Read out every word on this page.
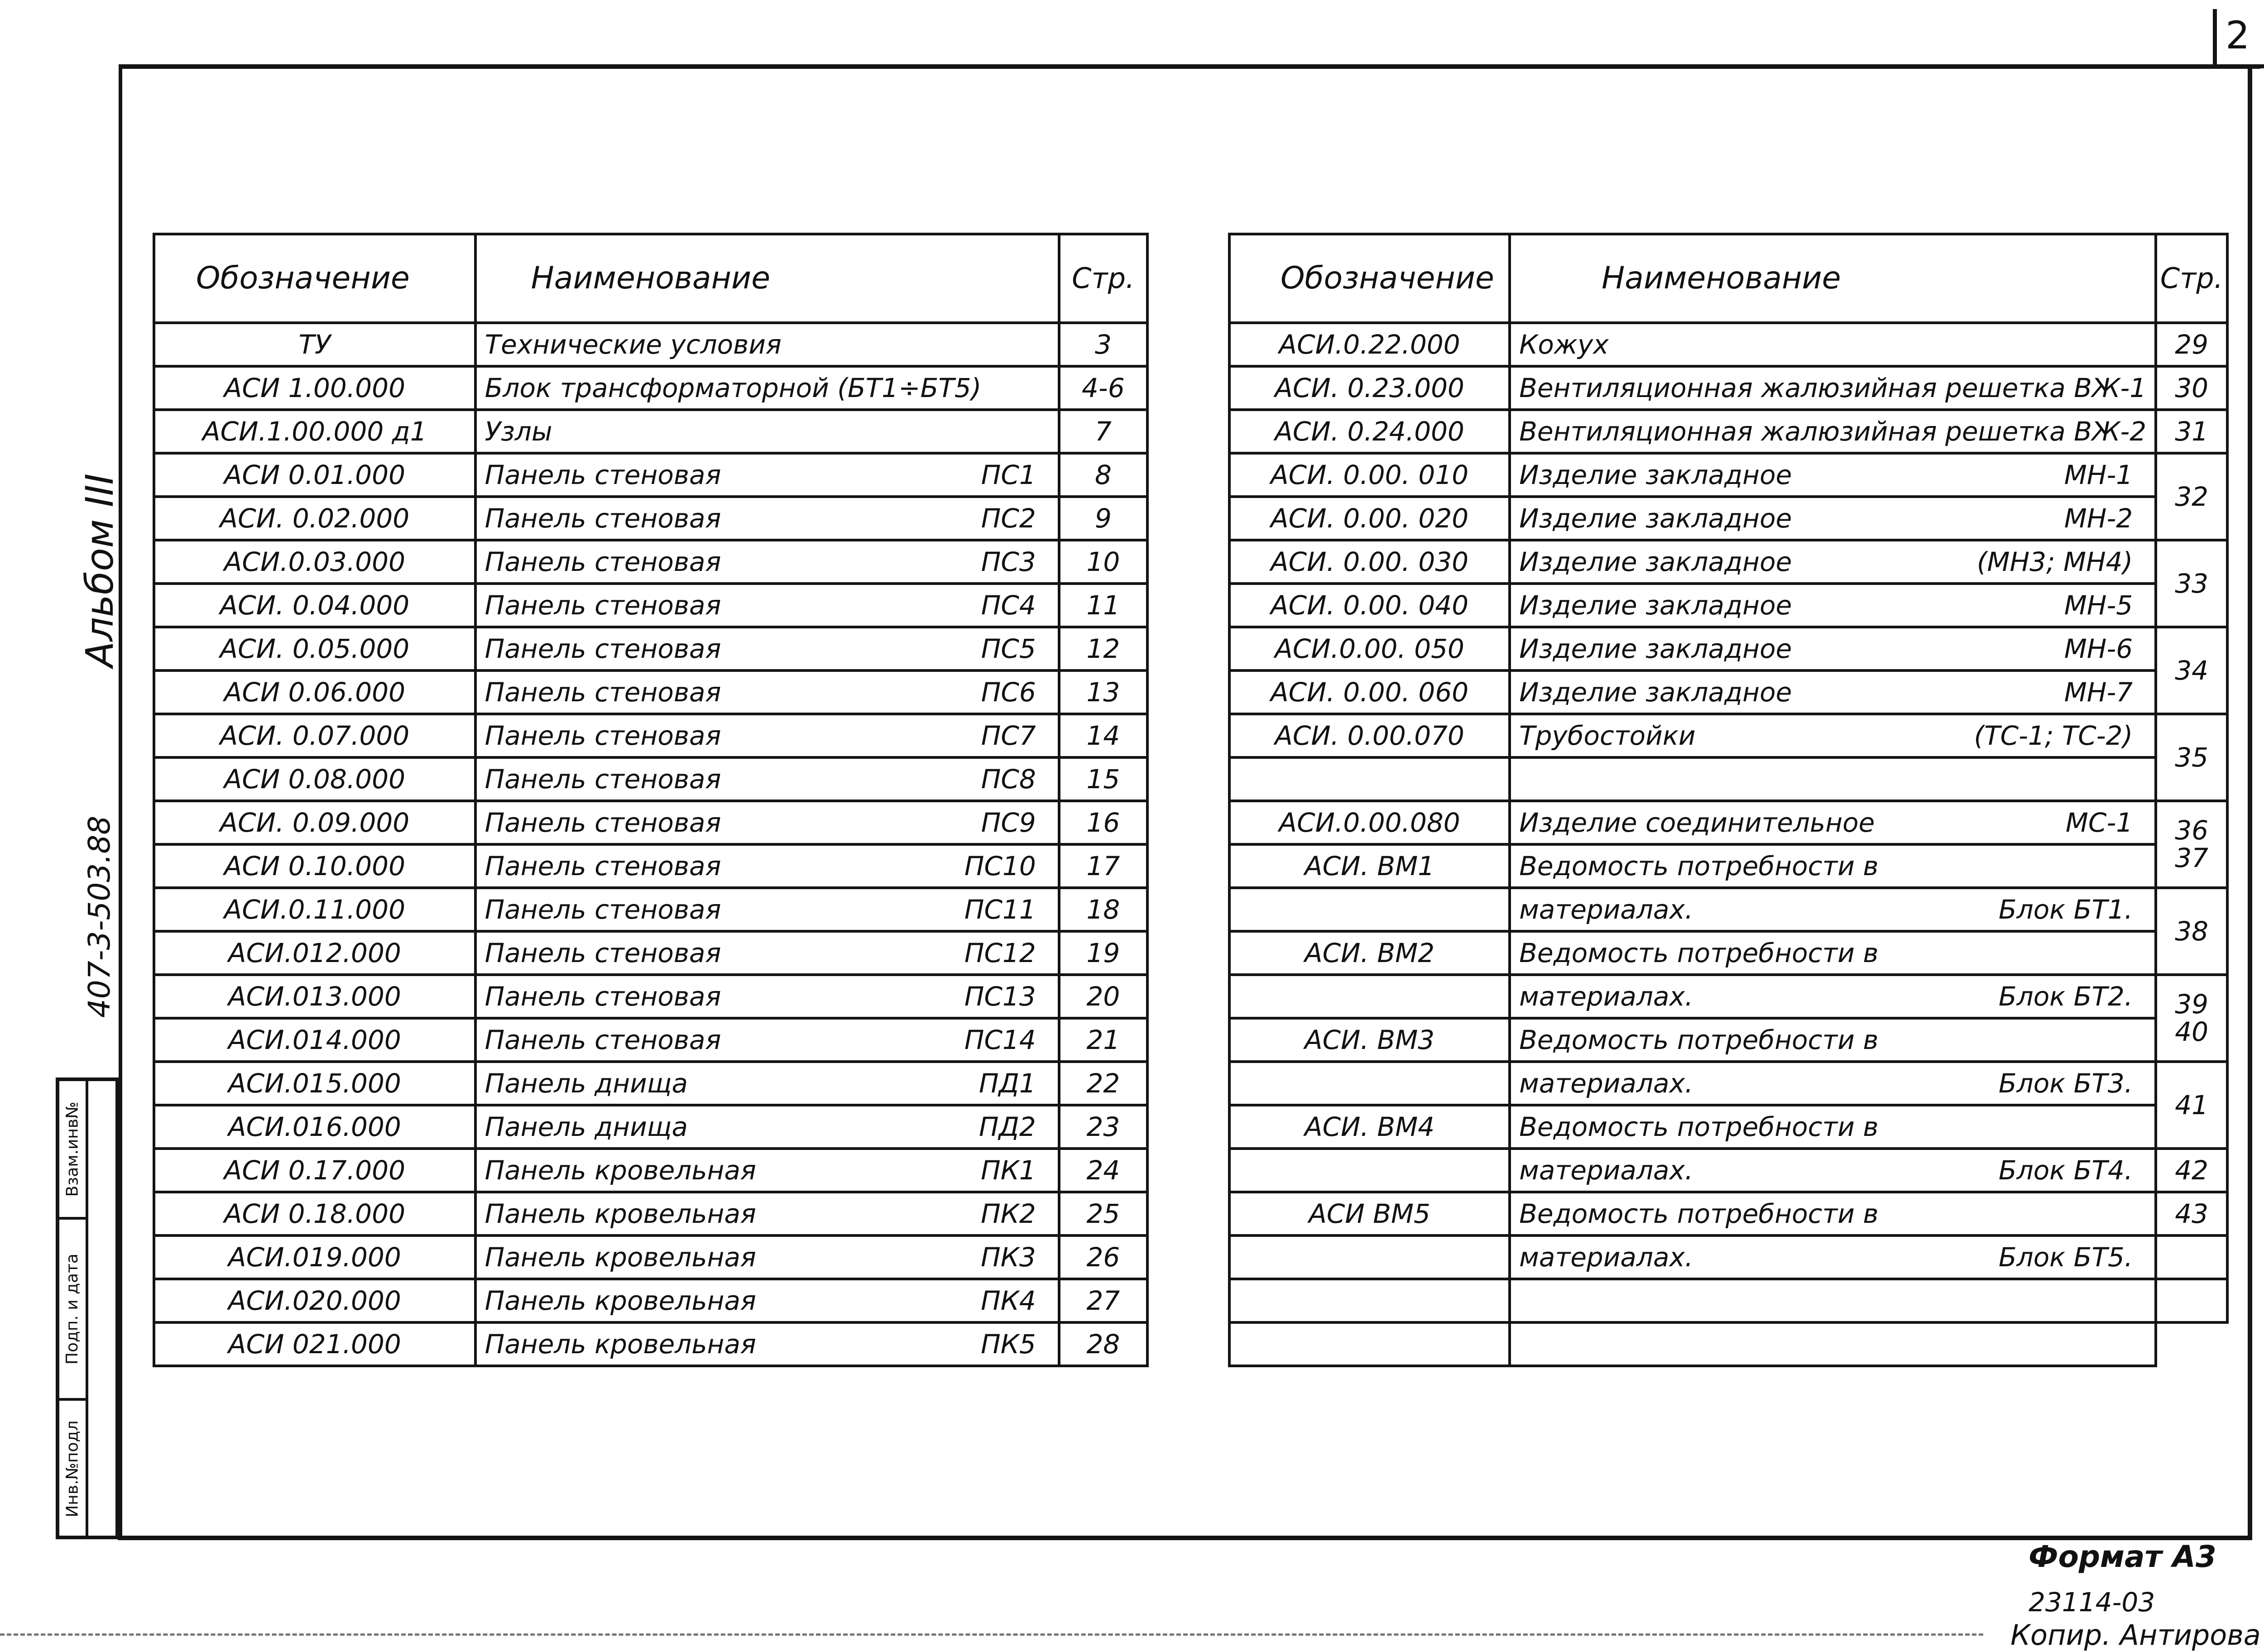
2
Альбом III
407-3-503.88
Взам.инв№
Подп. и дата
Инв.№подл
Обозначение	Наименование	Стр.
ТУ	Технические условия	3
АСИ 1.00.000	Блок трансформаторной (БТ1÷БТ5)	4-6
АСИ.1.00.000 д1	Узлы	7
АСИ 0.01.000	Панель стеновая ПС1	8
АСИ. 0.02.000	Панель стеновая ПС2	9
АСИ.0.03.000	Панель стеновая ПС3	10
АСИ. 0.04.000	Панель стеновая ПС4	11
АСИ. 0.05.000	Панель стеновая ПС5	12
АСИ 0.06.000	Панель стеновая ПС6	13
АСИ. 0.07.000	Панель стеновая ПС7	14
АСИ 0.08.000	Панель стеновая ПС8	15
АСИ. 0.09.000	Панель стеновая ПС9	16
АСИ 0.10.000	Панель стеновая ПС10	17
АСИ.0.11.000	Панель стеновая ПС11	18
АСИ.012.000	Панель стеновая ПС12	19
АСИ.013.000	Панель стеновая ПС13	20
АСИ.014.000	Панель стеновая ПС14	21
АСИ.015.000	Панель днища ПД1	22
АСИ.016.000	Панель днища ПД2	23
АСИ 0.17.000	Панель кровельная ПК1	24
АСИ 0.18.000	Панель кровельная ПК2	25
АСИ.019.000	Панель кровельная ПК3	26
АСИ.020.000	Панель кровельная ПК4	27
АСИ 021.000	Панель кровельная ПК5	28
Обозначение	Наименование	Стр.
АСИ.0.22.000	Кожух	29

АСИ. 0.23.000	Вентиляционная жалюзийная решетка ВЖ-1	30

АСИ. 0.24.000	Вентиляционная жалюзийная решетка ВЖ-2	31

АСИ. 0.00. 010	Изделие закладное МН-1	32

АСИ. 0.00. 020	Изделие закладное МН-2	

АСИ. 0.00. 030	Изделие закладное (МН3; МН4)	33

АСИ. 0.00. 040	Изделие закладное МН-5	

АСИ.0.00. 050	Изделие закладное МН-6	34

АСИ. 0.00. 060	Изделие закладное МН-7	

АСИ. 0.00.070	Трубостойки (ТС-1; ТС-2)	35

АСИ.0.00.080	Изделие соединительное МС-1	36
37

АСИ. ВМ1	Ведомость потребности в	

	материалах. Блок БТ1.	38

АСИ. ВМ2	Ведомость потребности в	

	материалах. Блок БТ2.	39
40

АСИ. ВМ3	Ведомость потребности в	

	материалах. Блок БТ3.	41

АСИ. ВМ4	Ведомость потребности в	

	материалах. Блок БТ4.	42

АСИ ВМ5	Ведомость потребности в	43

	материалах. Блок БТ5.	

Формат А3
23114-03
Копир. Антирова
